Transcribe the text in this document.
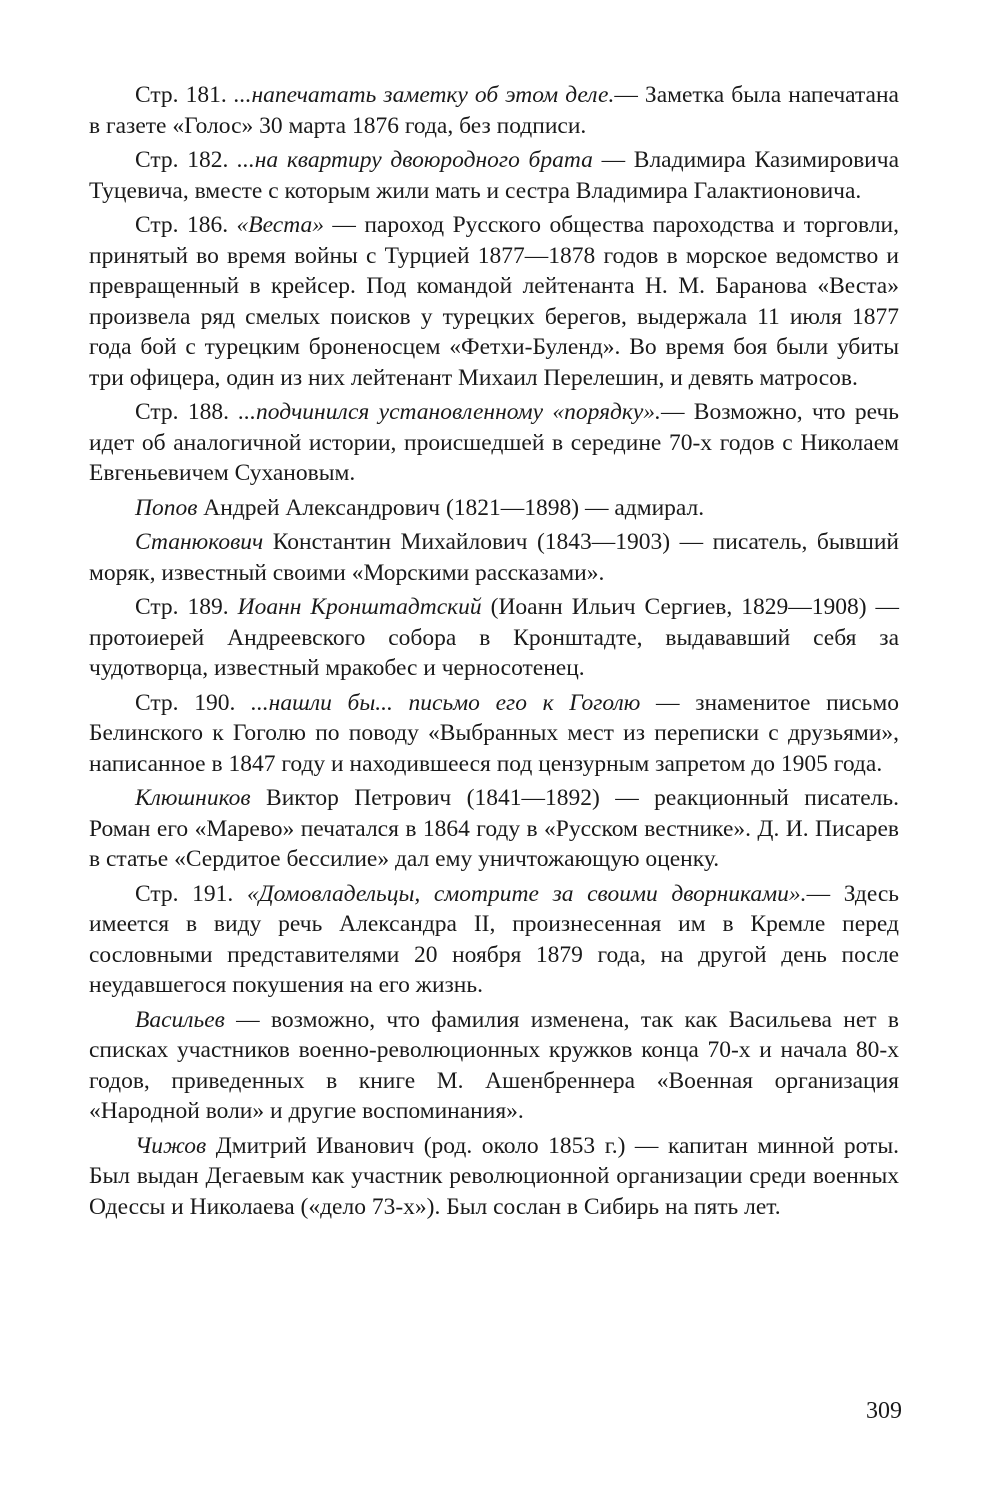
Стр. 181. ...напечатать заметку об этом деле.— Заметка была напечатана в газете «Голос» 30 марта 1876 года, без подписи.

Стр. 182. ...на квартиру двоюродного брата — Владимира Казимировича Туцевича, вместе с которым жили мать и сестра Владимира Галактионовича.

Стр. 186. «Веста» — пароход Русского общества пароходства и торговли, принятый во время войны с Турцией 1877—1878 годов в морское ведомство и превращенный в крейсер. Под командой лейтенанта Н. М. Баранова «Веста» произвела ряд смелых поисков у турецких берегов, выдержала 11 июля 1877 года бой с турецким броненосцем «Фетхи-Буленд». Во время боя были убиты три офицера, один из них лейтенант Михаил Перелешин, и девять матросов.

Стр. 188. ...подчинился установленному «порядку».— Возможно, что речь идет об аналогичной истории, происшедшей в середине 70-х годов с Николаем Евгеньевичем Сухановым.

Попов Андрей Александрович (1821—1898) — адмирал.

Станюкович Константин Михайлович (1843—1903) — писатель, бывший моряк, известный своими «Морскими рассказами».

Стр. 189. Иоанн Кронштадтский (Иоанн Ильич Сергиев, 1829—1908) — протоиерей Андреевского собора в Кронштадте, выдававший себя за чудотворца, известный мракобес и черносотенец.

Стр. 190. ...нашли бы... письмо его к Гоголю — знаменитое письмо Белинского к Гоголю по поводу «Выбранных мест из переписки с друзьями», написанное в 1847 году и находившееся под цензурным запретом до 1905 года.

Клюшников Виктор Петрович (1841—1892) — реакционный писатель. Роман его «Марево» печатался в 1864 году в «Русском вестнике». Д. И. Писарев в статье «Сердитое бессилие» дал ему уничтожающую оценку.

Стр. 191. «Домовладельцы, смотрите за своими дворниками».— Здесь имеется в виду речь Александра II, произнесенная им в Кремле перед сословными представителями 20 ноября 1879 года, на другой день после неудавшегося покушения на его жизнь.

Васильев — возможно, что фамилия изменена, так как Васильева нет в списках участников военно-революционных кружков конца 70-х и начала 80-х годов, приведенных в книге М. Ашенбреннера «Военная организация «Народной воли» и другие воспоминания».

Чижов Дмитрий Иванович (род. около 1853 г.) — капитан минной роты. Был выдан Дегаевым как участник революционной организации среди военных Одессы и Николаева («дело 73-х»). Был сослан в Сибирь на пять лет.

309
